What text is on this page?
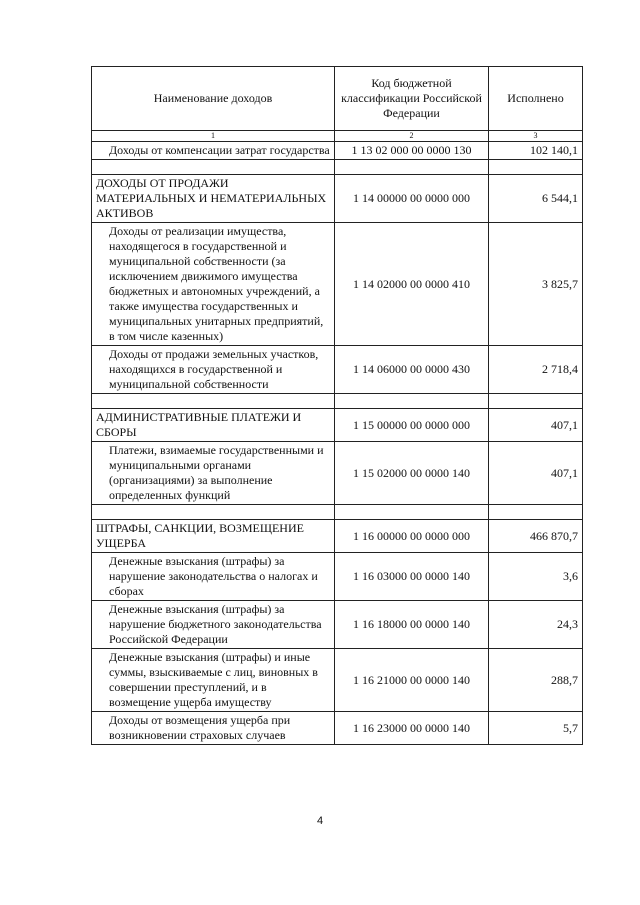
Наименование доходов	Код бюджетной классификации Российской Федерации	Исполнено
1	2	3
Доходы от компенсации затрат государства	1 13 02 000 00 0000 130	102 140,1

ДОХОДЫ ОТ ПРОДАЖИ МАТЕРИАЛЬНЫХ И НЕМАТЕРИАЛЬНЫХ АКТИВОВ	1 14 00000 00 0000 000	6 544,1
Доходы от реализации имущества, находящегося в государственной и муниципальной собственности (за исключением движимого имущества бюджетных и автономных учреждений, а также имущества государственных и муниципальных унитарных предприятий, в том числе казенных)	1 14 02000 00 0000 410	3 825,7
Доходы от продажи земельных участков, находящихся в государственной и муниципальной собственности	1 14 06000 00 0000 430	2 718,4

АДМИНИСТРАТИВНЫЕ ПЛАТЕЖИ И СБОРЫ	1 15 00000 00 0000 000	407,1
Платежи, взимаемые государственными и муниципальными органами (организациями) за выполнение определенных функций	1 15 02000 00 0000 140	407,1

ШТРАФЫ, САНКЦИИ, ВОЗМЕЩЕНИЕ УЩЕРБА	1 16 00000 00 0000 000	466 870,7
Денежные взыскания (штрафы) за нарушение законодательства о налогах и сборах	1 16 03000 00 0000 140	3,6
Денежные взыскания (штрафы) за нарушение бюджетного законодательства Российской Федерации	1 16 18000 00 0000 140	24,3
Денежные взыскания (штрафы) и иные суммы, взыскиваемые с лиц, виновных в совершении преступлений, и в возмещение ущерба имуществу	1 16 21000 00 0000 140	288,7
Доходы от возмещения ущерба при возникновении страховых случаев	1 16 23000 00 0000 140	5,7
4
